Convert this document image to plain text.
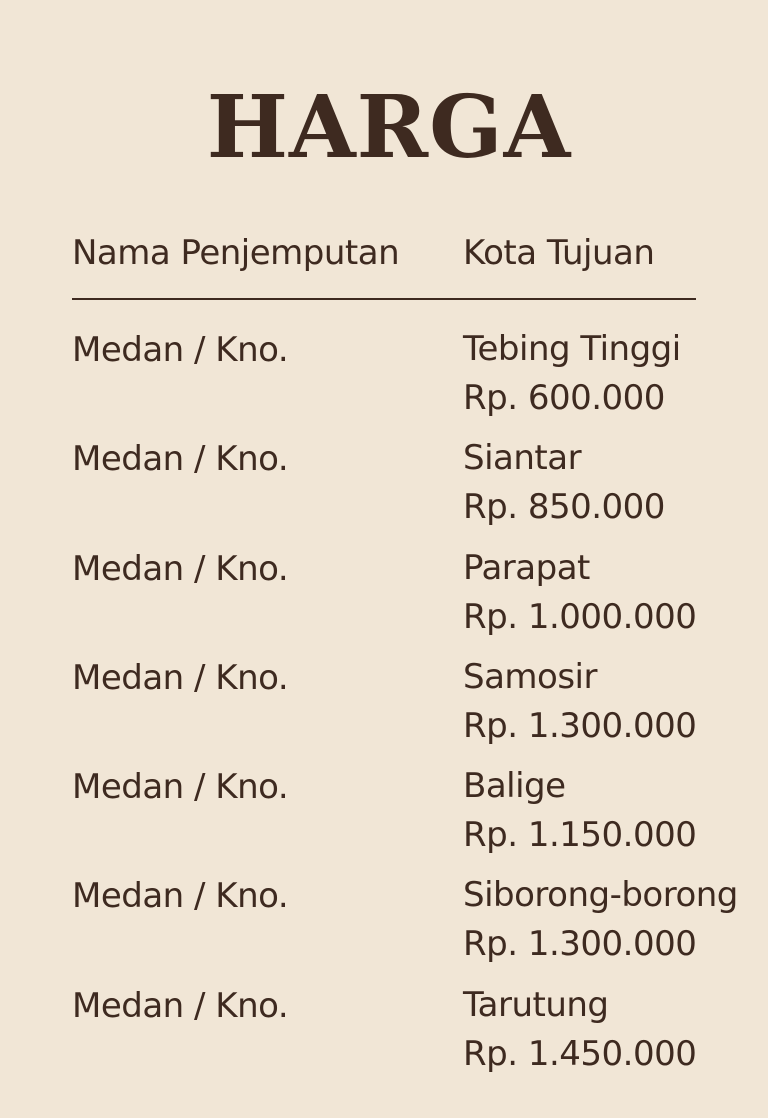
HARGA
Nama Penjemputan Kota Tujuan
Medan / Kno.	Tebing Tinggi
Rp. 600.000
Medan / Kno.	Siantar
Rp. 850.000
Medan / Kno.	Parapat
Rp. 1.000.000
Medan / Kno.	Samosir
Rp. 1.300.000
Medan / Kno.	Balige
Rp. 1.150.000
Medan / Kno.	Siborong-borong
Rp. 1.300.000
Medan / Kno.	Tarutung
Rp. 1.450.000
